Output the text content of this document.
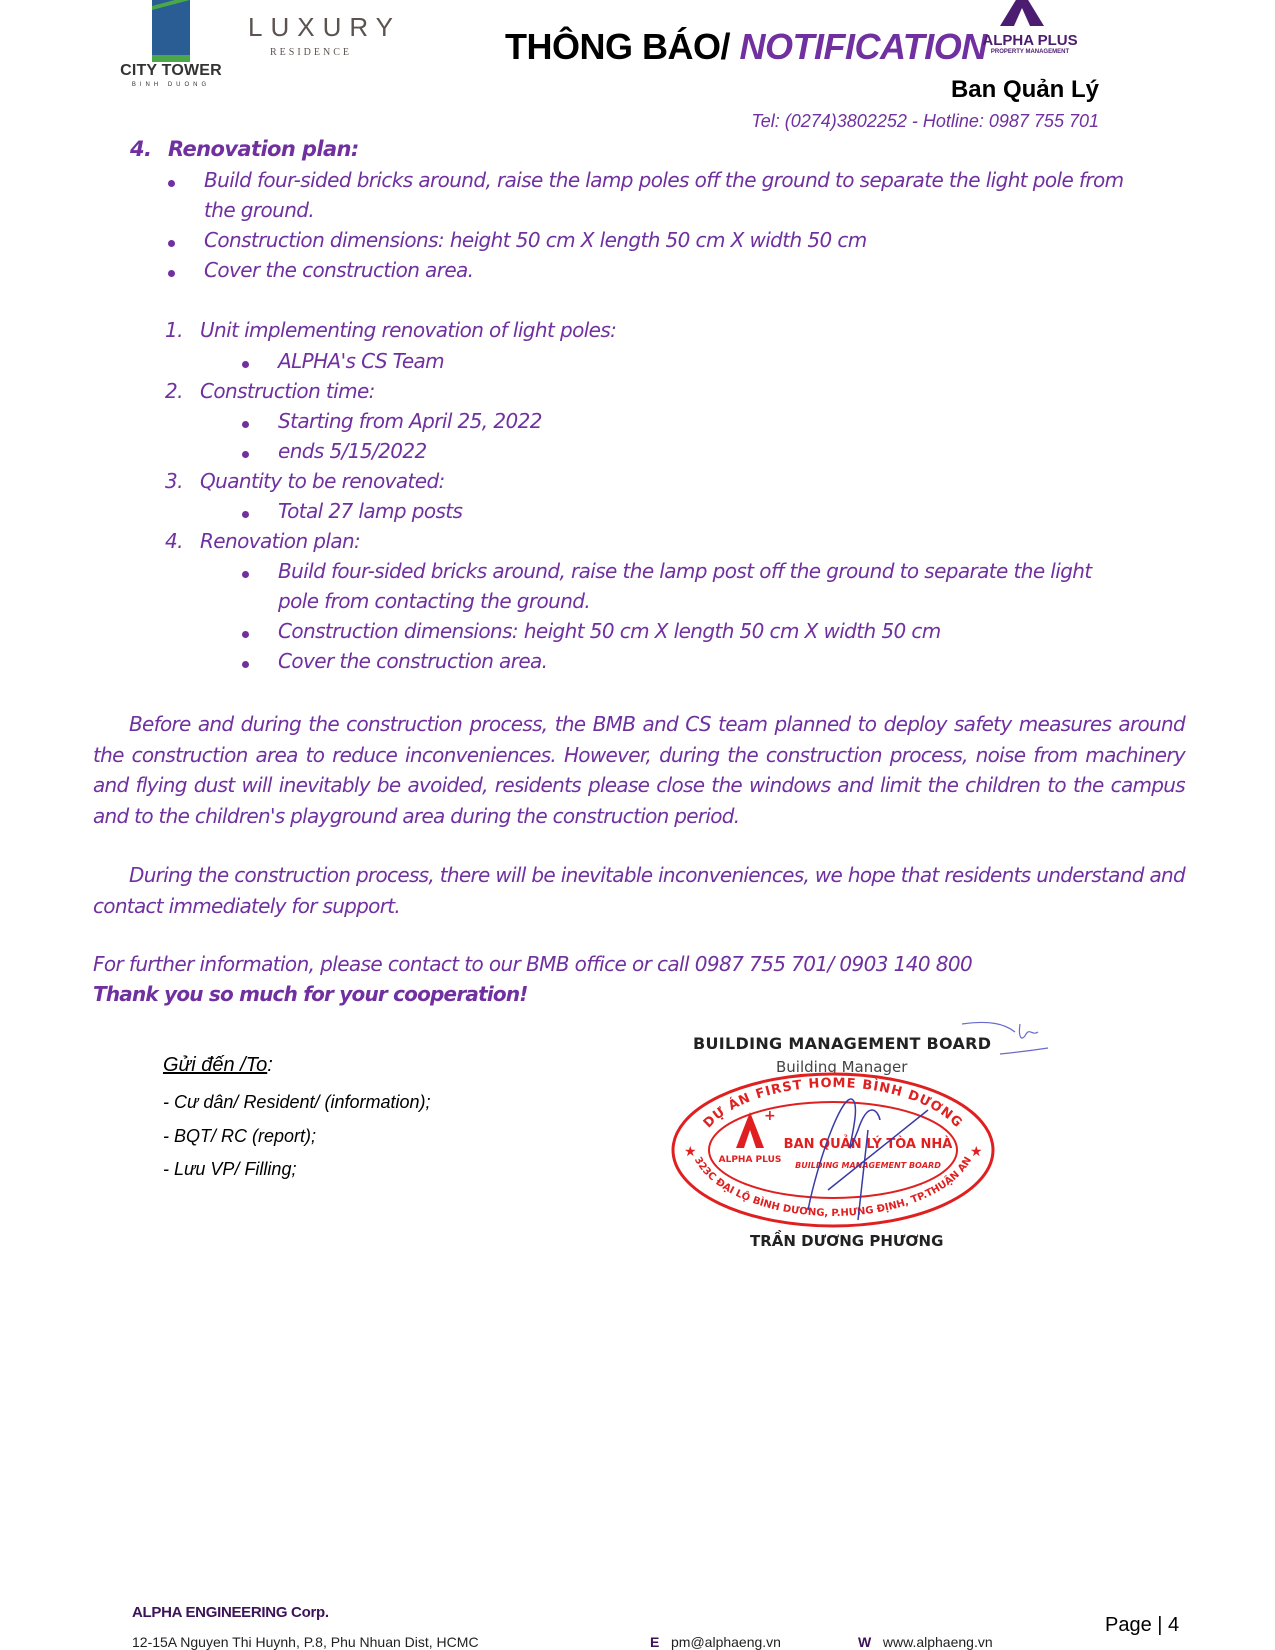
CITY TOWER
BINH DUONG
LUXURY
RESIDENCE	THÔNG BÁO/ NOTIFICATION
ALPHA PLUS
PROPERTY MANAGEMENT
Ban Quản Lý
Tel: (0274)3802252 - Hotline: 0987 755 701
4. Renovation plan:
Build four-sided bricks around, raise the lamp poles off the ground to separate the light pole from
the ground.
Construction dimensions: height 50 cm X length 50 cm X width 50 cm
Cover the construction area.
1. Unit implementing renovation of light poles:
ALPHA's CS Team
2. Construction time:
Starting from April 25, 2022
ends 5/15/2022
3. Quantity to be renovated:
Total 27 lamp posts
4. Renovation plan:
Build four-sided bricks around, raise the lamp post off the ground to separate the light
pole from contacting the ground.
Construction dimensions: height 50 cm X length 50 cm X width 50 cm
Cover the construction area.
Before and during the construction process, the BMB and CS team planned to deploy safety measures around the construction area to reduce inconveniences. However, during the construction process, noise from machinery and flying dust will inevitably be avoided, residents please close the windows and limit the children to the campus and to the children's playground area during the construction period.
During the construction process, there will be inevitable inconveniences, we hope that residents understand and contact immediately for support.
For further information, please contact to our BMB office or call 0987 755 701/ 0903 140 800
Thank you so much for your cooperation!
Gửi đến /To:
- Cư dân/ Resident/ (information);
- BQT/ RC (report);
- Lưu VP/ Filling;
BUILDING MANAGEMENT BOARD
Building Manager
DỰ ÁN FIRST HOME BÌNH DƯƠNG
323C ĐẠI LỘ BÌNH DƯƠNG, P.HƯNG ĐỊNH, TP.THUẬN AN
★	★
+
ALPHA PLUS
BAN QUẢN LÝ TÒA NHÀ
BUILDING MANAGEMENT BOARD
TRẦN DƯƠNG PHƯƠNG
ALPHA ENGINEERING Corp.
12-15A Nguyen Thi Huynh, P.8, Phu Nhuan Dist, HCMC	E pm@alphaeng.vn	W www.alphaeng.vn
Page | 4
